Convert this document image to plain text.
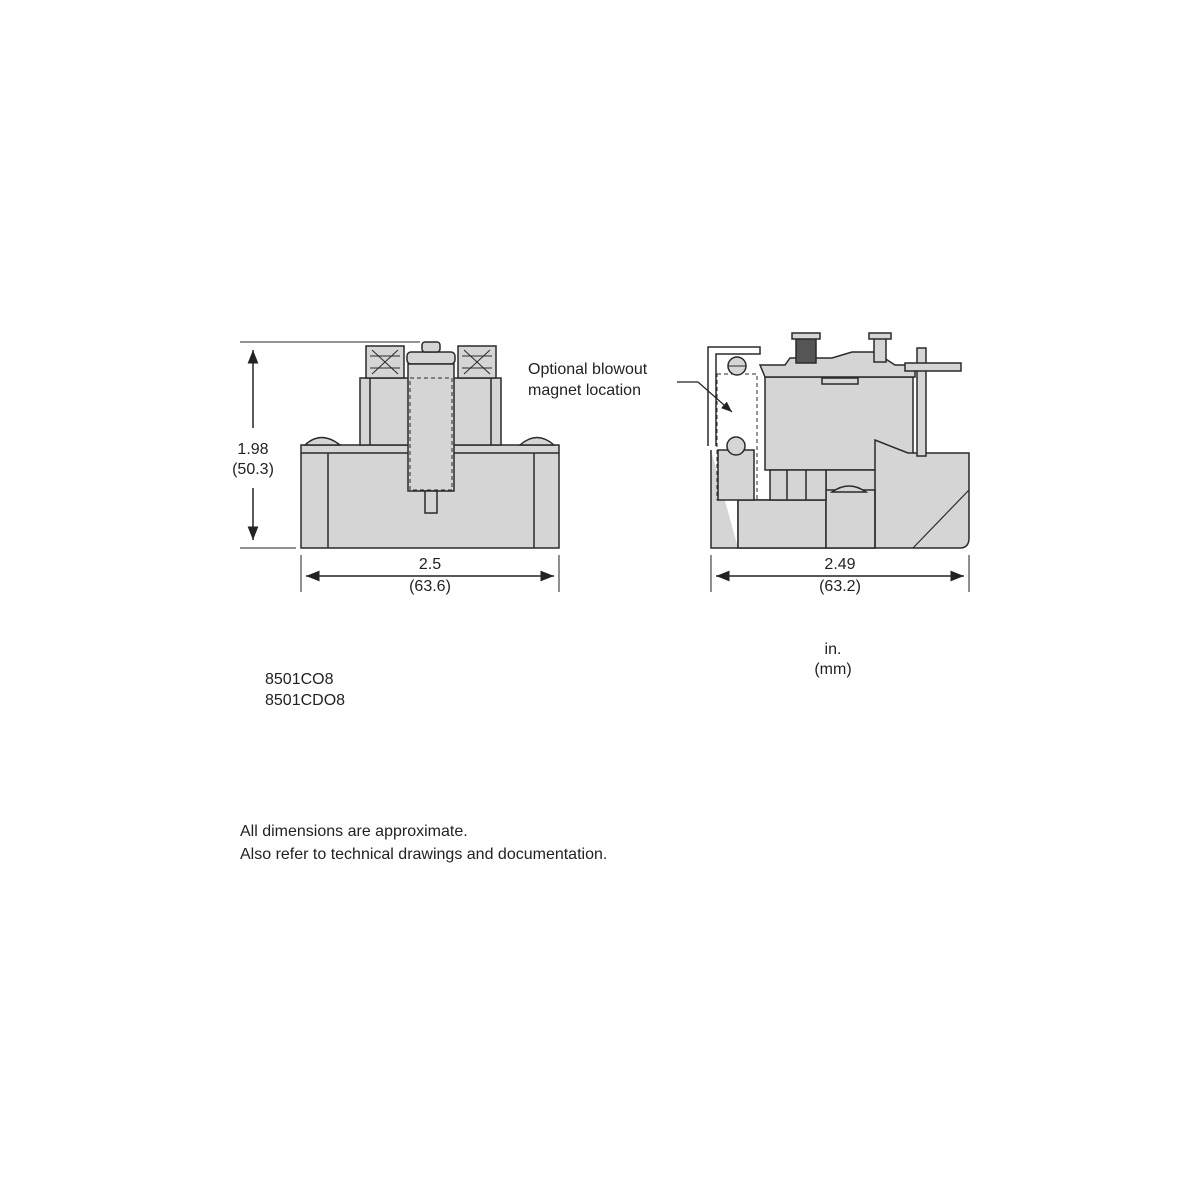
1.98
(50.3)
2.5
(63.6)
2.49
(63.2)
Optional blowout
magnet location
in.
(mm)
8501CO8
8501CDO8
All dimensions are approximate.
Also refer to technical drawings and documentation.
